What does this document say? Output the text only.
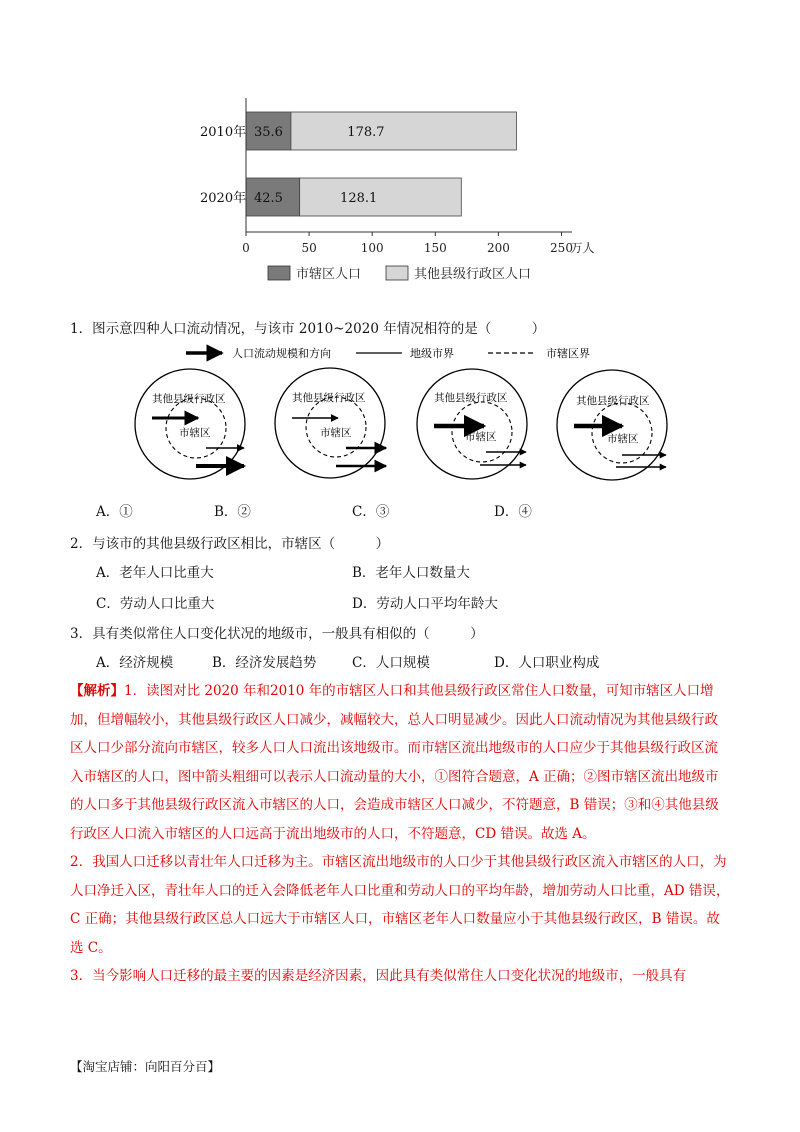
35.6	178.7
2010年
42.5	128.1
2020年
0	50	100	150	200	250
万人
市辖区人口	其他县级行政区人口
1．图示意四种人口流动情况，与该市 2010~2020 年情况相符的是（　　　）
人口流动规模和方向	地级市界	市辖区界
其他县级行政区
市辖区
其他县级行政区
市辖区
其他县级行政区
市辖区
其他县级行政区
市辖区
A．①	B．②	C．③	D．④
2．与该市的其他县级行政区相比，市辖区（　　　）
A．老年人口比重大	B．老年人口数量大
C．劳动人口比重大	D．劳动人口平均年龄大
3．具有类似常住人口变化状况的地级市，一般具有相似的（　　　）
A．经济规模	B．经济发展趋势	C．人口规模	D．人口职业构成

【解析】1．读图对比 2020 年和2010 年的市辖区人口和其他县级行政区常住人口数量，可知市辖区人口增加，但增幅较小，其他县级行政区人口减少，减幅较大，总人口明显减少。因此人口流动情况为其他县级行政区人口少部分流向市辖区，较多人口人口流出该地级市。而市辖区流出地级市的人口应少于其他县级行政区流入市辖区的人口，图中箭头粗细可以表示人口流动量的大小，①图符合题意，A 正确；②图市辖区流出地级市的人口多于其他县级行政区流入市辖区的人口，会造成市辖区人口减少，不符题意，B 错误；③和④其他县级行政区人口流入市辖区的人口远高于流出地级市的人口，不符题意，CD 错误。故选 A。

2．我国人口迁移以青壮年人口迁移为主。市辖区流出地级市的人口少于其他县级行政区流入市辖区的人口，为人口净迁入区，青壮年人口的迁入会降低老年人口比重和劳动人口的平均年龄，增加劳动人口比重，AD 错误，C 正确；其他县级行政区总人口远大于市辖区人口，市辖区老年人口数量应小于其他县级行政区，B 错误。故选 C。

3．当今影响人口迁移的最主要的因素是经济因素，因此具有类似常住人口变化状况的地级市，一般具有

【淘宝店铺：向阳百分百】
